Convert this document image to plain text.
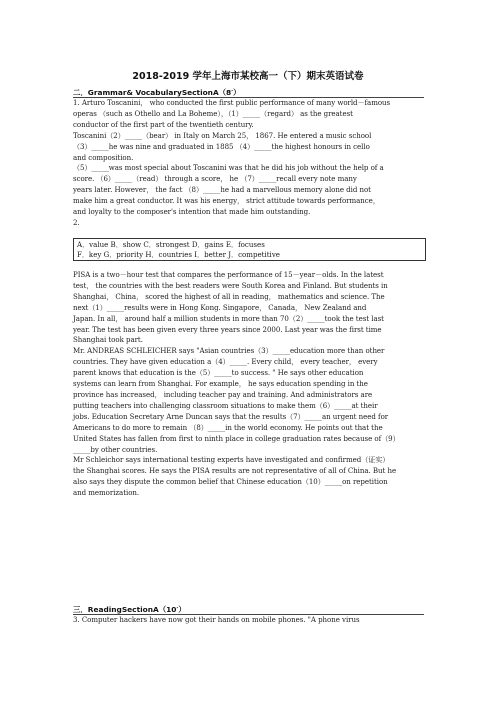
2018-2019 学年上海市某校高一（下）期末英语试卷
二．Grammar& VocabularySectionA（8′）

1. Arturo Toscanini， who conducted the first public performance of many world－famous

operas （such as Othello and La Boheme），（1）_____（regard） as the greatest

conductor of the first part of the twentieth century.

Toscanini（2）_____（bear） in Italy on March 25， 1867. He entered a music school

（3）_____he was nine and graduated in 1885 （4）_____the highest honours in cello

and composition.

（5）_____was most special about Toscanini was that he did his job without the help of a

score. （6）_____（read） through a score， he （7）_____recall every note many

years later. However， the fact （8）_____he had a marvellous memory alone did not

make him a great conductor. It was his energy， strict attitude towards performance，

and loyalty to the composer's intention that made him outstanding.

2.

A．value B．show C．strongest D．gains E．focuses

F．key G．priority H．countries I．better J．competitive

PISA is a two－hour test that compares the performance of 15－year－olds. In the latest

test， the countries with the best readers were South Korea and Finland. But students in

Shanghai， China， scored the highest of all in reading， mathematics and science. The

next（1）_____results were in Hong Kong. Singapore， Canada， New Zealand and

Japan. In all， around half a million students in more than 70（2）_____took the test last

year. The test has been given every three years since 2000. Last year was the first time

Shanghai took part.

Mr. ANDREAS SCHLEICHER says "Asian countries（3）_____education more than other

countries. They have given education a（4）_____. Every child， every teacher， every

parent knows that education is the（5）_____to success. " He says other education

systems can learn from Shanghai. For example， he says education spending in the

province has increased， including teacher pay and training. And administrators are

putting teachers into challenging classroom situations to make them（6）_____at their

jobs. Education Secretary Arne Duncan says that the results（7）_____an urgent need for

Americans to do more to remain （8）_____in the world economy. He points out that the

United States has fallen from first to ninth place in college graduation rates because of（9）

_____by other countries.

Mr Schleichor says international testing experts have investigated and confirmed（证实）

the Shanghai scores. He says the PISA results are not representative of all of China. But he

also says they dispute the common belief that Chinese education（10）_____on repetition

and memorization.

三．ReadingSectionA（10′）

3. Computer hackers have now got their hands on mobile phones. "A phone virus
